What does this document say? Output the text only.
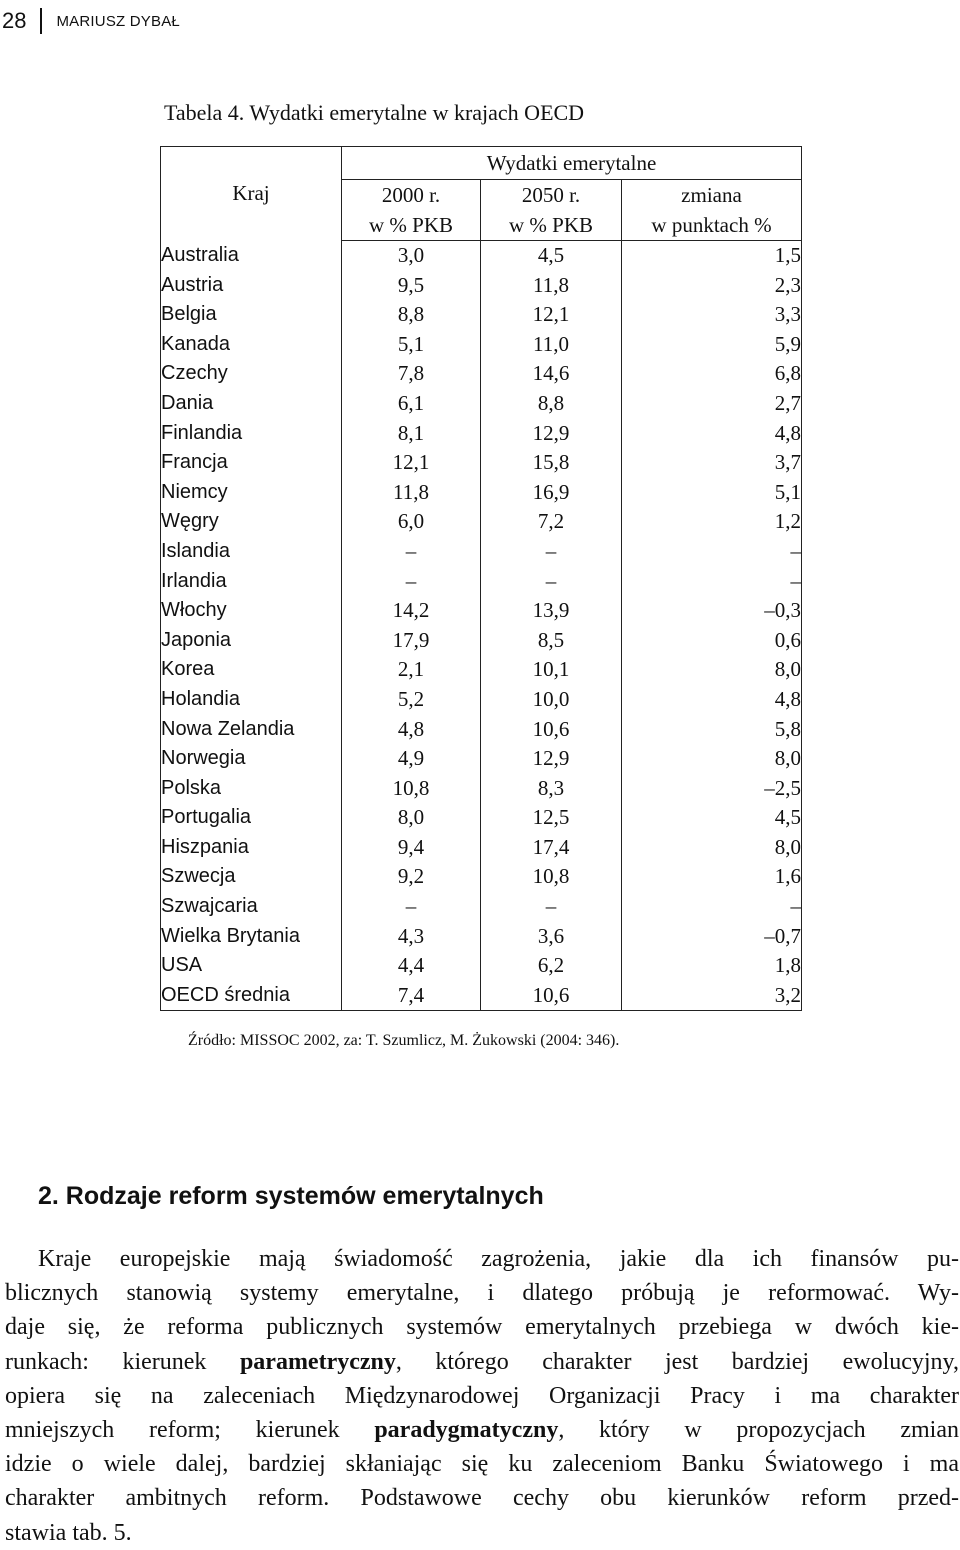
28 MARIUSZ DYBAŁ
Tabela 4. Wydatki emerytalne w krajach OECD
Kraj	Wydatki emerytalne		
	2000 r.	2050 r.	zmiana
	w % PKB	w % PKB	w punktach %
Australia	3,0	4,5	1,5
Austria	9,5	11,8	2,3
Belgia	8,8	12,1	3,3
Kanada	5,1	11,0	5,9
Czechy	7,8	14,6	6,8
Dania	6,1	8,8	2,7
Finlandia	8,1	12,9	4,8
Francja	12,1	15,8	3,7
Niemcy	11,8	16,9	5,1
Węgry	6,0	7,2	1,2
Islandia	–	–	–
Irlandia	–	–	–
Włochy	14,2	13,9	–0,3
Japonia	17,9	8,5	0,6
Korea	2,1	10,1	8,0
Holandia	5,2	10,0	4,8
Nowa Zelandia	4,8	10,6	5,8
Norwegia	4,9	12,9	8,0
Polska	10,8	8,3	–2,5
Portugalia	8,0	12,5	4,5
Hiszpania	9,4	17,4	8,0
Szwecja	9,2	10,8	1,6
Szwajcaria	–	–	–
Wielka Brytania	4,3	3,6	–0,7
USA	4,4	6,2	1,8
OECD średnia	7,4	10,6	3,2
Źródło: MISSOC 2002, za: T. Szumlicz, M. Żukowski (2004: 346).
2. Rodzaje reform systemów emerytalnych
Kraje europejskie mają świadomość zagrożenia, jakie dla ich finansów pu-
blicznych stanowią systemy emerytalne, i dlatego próbują je reformować. Wy-
daje się, że reforma publicznych systemów emerytalnych przebiega w dwóch kie-
runkach: kierunek parametryczny, którego charakter jest bardziej ewolucyjny,
opiera się na zaleceniach Międzynarodowej Organizacji Pracy i ma charakter
mniejszych reform; kierunek paradygmatyczny, który w propozycjach zmian
idzie o wiele dalej, bardziej skłaniając się ku zaleceniom Banku Światowego i ma
charakter ambitnych reform. Podstawowe cechy obu kierunków reform przed-
stawia tab. 5.
